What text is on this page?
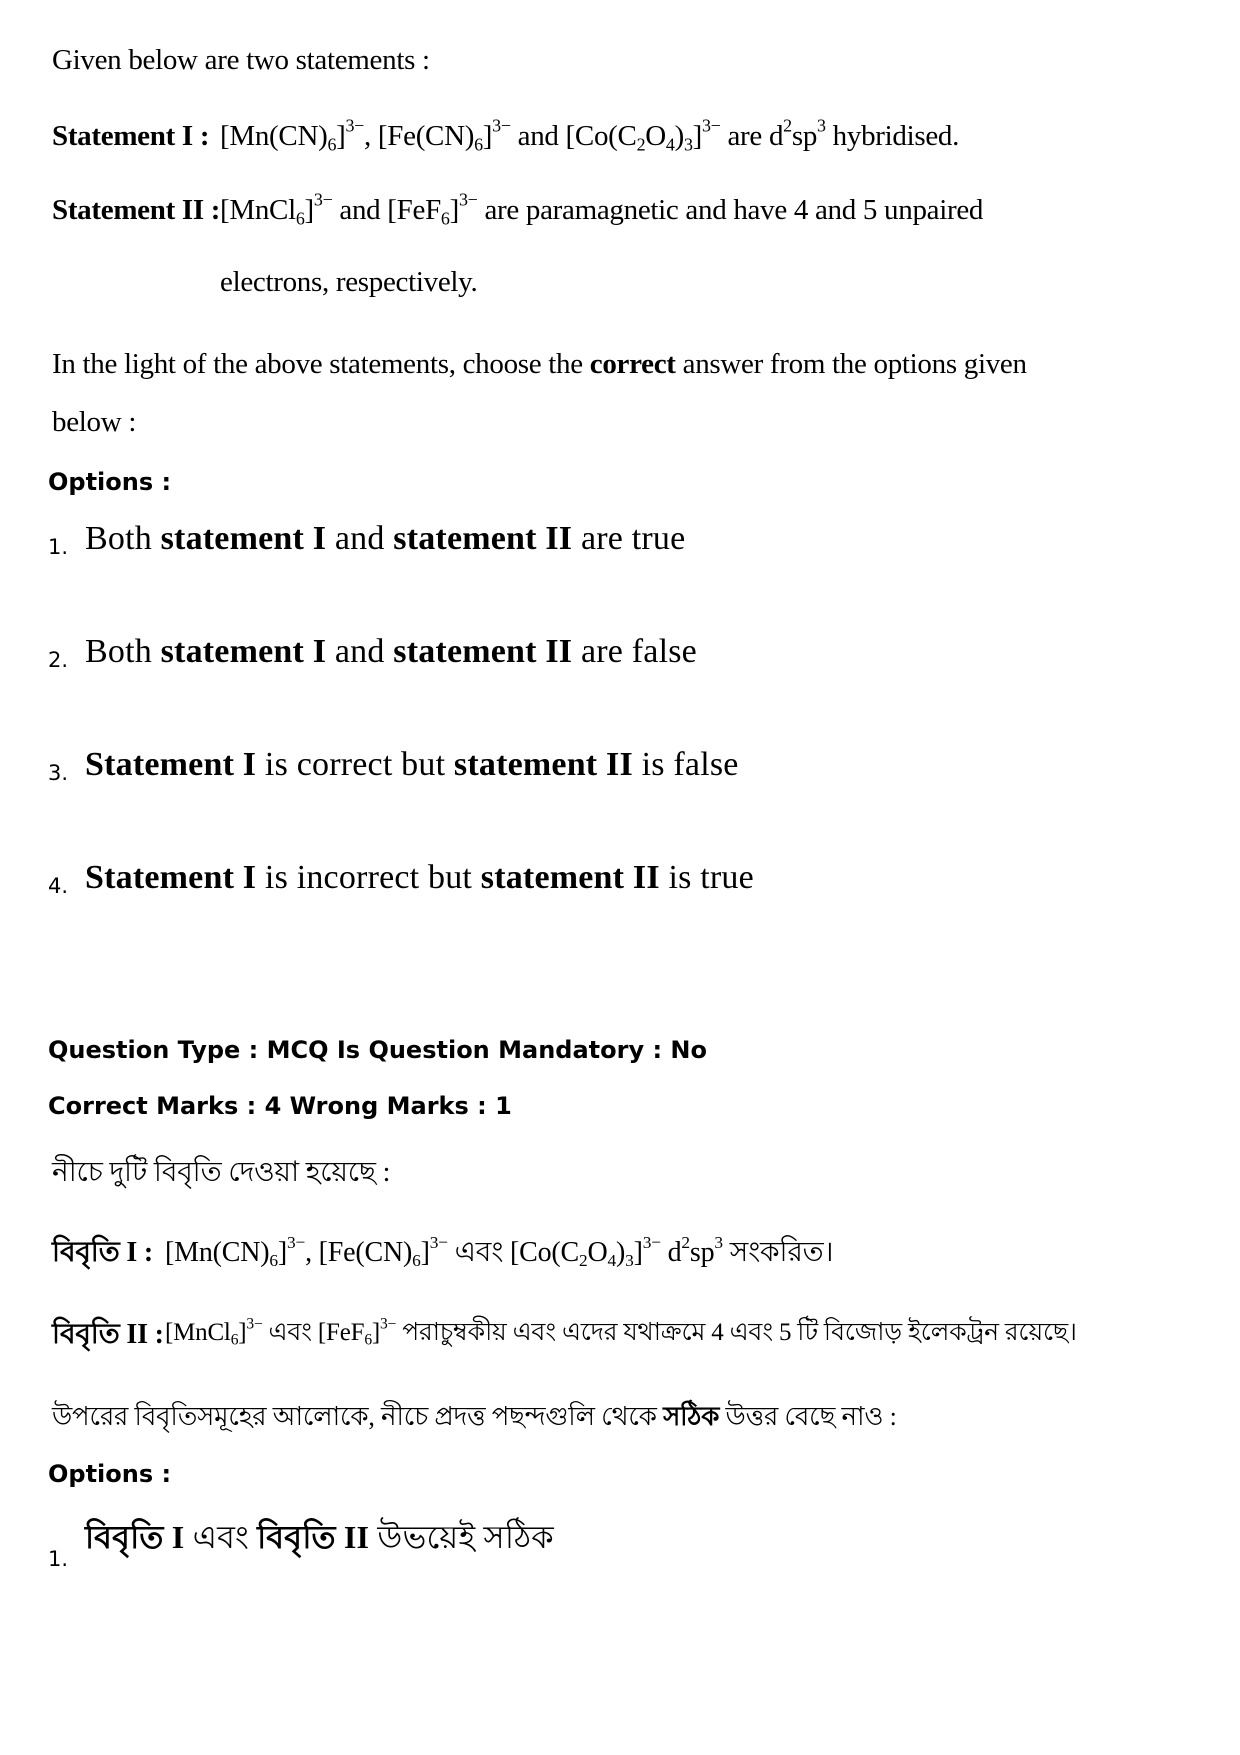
Given below are two statements :
Statement I : $[Mn(CN)_6]^{3-}$, $[Fe(CN)_6]^{3-}$ and $[Co(C_2O_4)_3]^{3-}$ are $d^2sp^3$ hybridised.
Statement II : [MnCl$_6$]$^{3-}$ and $[FeF_6]^{3-}$ are paramagnetic and have 4 and 5 unpaired
electrons, respectively.
In the light of the above statements, choose the correct answer from the options given
below :
Options :
1. Both statement I and statement II are true
2. Both statement I and statement II are false
3. Statement I is correct but statement II is false
4. Statement I is incorrect but statement II is true
Question Type : MCQ Is Question Mandatory : No
Correct Marks : 4 Wrong Marks : 1
নীচে দুটি বিবৃতি দেওয়া হয়েছে :
বিবৃতি I : $[Mn(CN)_6]^{3-}$, $[Fe(CN)_6]^{3-}$ এবং $[Co(C_2O_4)_3]^{3-}$ $d^2sp^3$ সংকরিত।
বিবৃতি II : [MnCl$_6$]$^{3-}$ এবং $[FeF_6]^{3-}$ পরাচুম্বকীয় এবং এদের যথাক্রমে 4 এবং 5 টি বিজোড় ইলেকট্রন রয়েছে।
উপরের বিবৃতিসমূহের আলোকে, নীচে প্রদত্ত পছন্দগুলি থেকে সঠিক উত্তর বেছে নাও :
Options :
1.
বিবৃতি I এবং বিবৃতি II উভয়েই সঠিক
